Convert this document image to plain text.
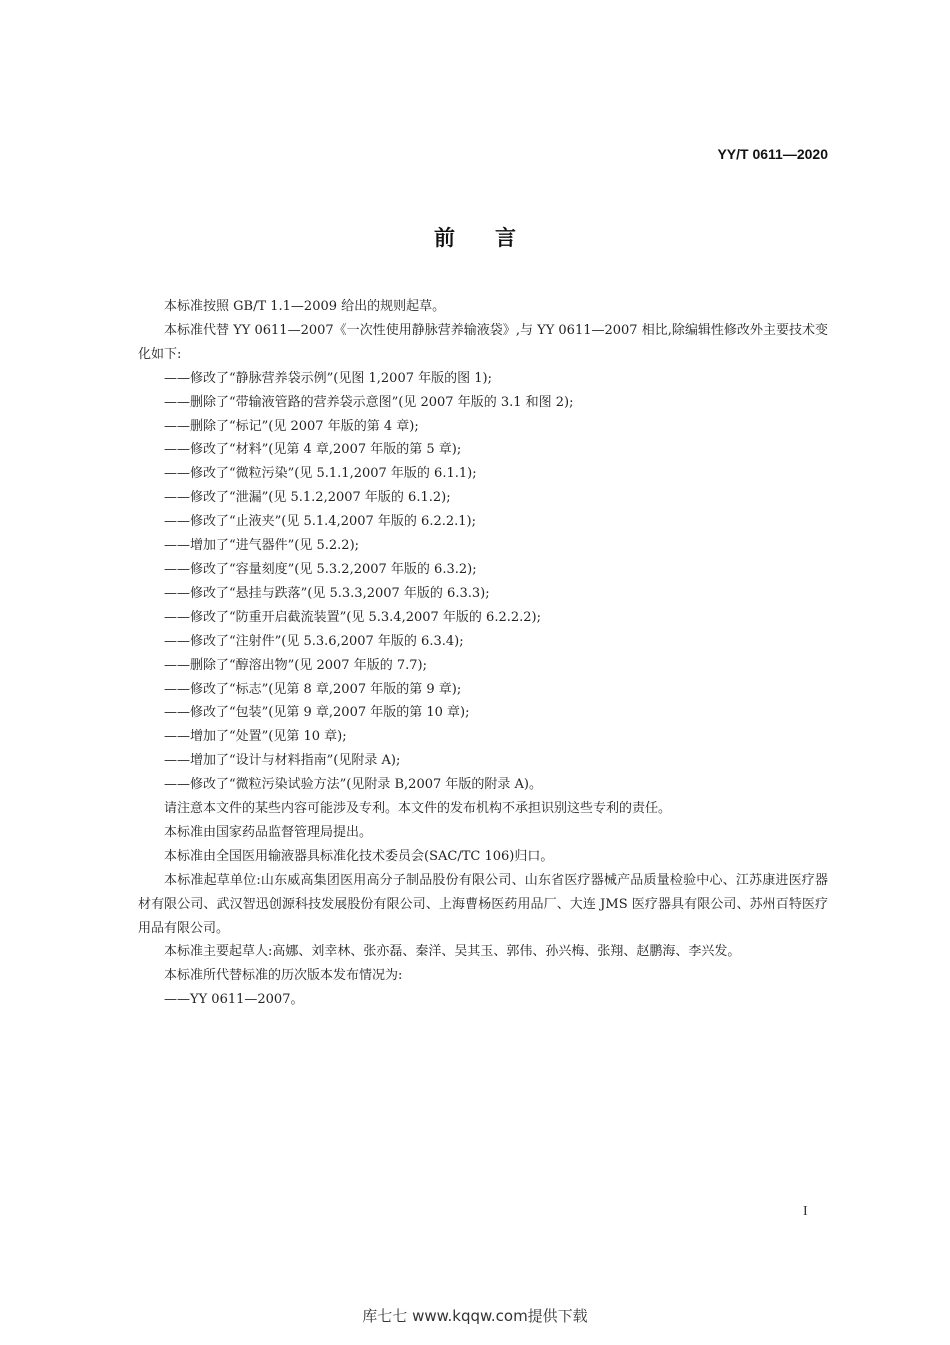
YY/T 0611—2020
前言

本标准按照 GB/T 1.1—2009 给出的规则起草。

本标准代替 YY 0611—2007《一次性使用静脉营养输液袋》,与 YY 0611—2007 相比,除编辑性修改外主要技术变化如下:

——修改了“静脉营养袋示例”(见图 1,2007 年版的图 1);

——删除了“带输液管路的营养袋示意图”(见 2007 年版的 3.1 和图 2);

——删除了“标记”(见 2007 年版的第 4 章);

——修改了“材料”(见第 4 章,2007 年版的第 5 章);

——修改了“微粒污染”(见 5.1.1,2007 年版的 6.1.1);

——修改了“泄漏”(见 5.1.2,2007 年版的 6.1.2);

——修改了“止液夹”(见 5.1.4,2007 年版的 6.2.2.1);

——增加了“进气器件”(见 5.2.2);

——修改了“容量刻度”(见 5.3.2,2007 年版的 6.3.2);

——修改了“悬挂与跌落”(见 5.3.3,2007 年版的 6.3.3);

——修改了“防重开启截流装置”(见 5.3.4,2007 年版的 6.2.2.2);

——修改了“注射件”(见 5.3.6,2007 年版的 6.3.4);

——删除了“醇溶出物”(见 2007 年版的 7.7);

——修改了“标志”(见第 8 章,2007 年版的第 9 章);

——修改了“包装”(见第 9 章,2007 年版的第 10 章);

——增加了“处置”(见第 10 章);

——增加了“设计与材料指南”(见附录 A);

——修改了“微粒污染试验方法”(见附录 B,2007 年版的附录 A)。

请注意本文件的某些内容可能涉及专利。本文件的发布机构不承担识别这些专利的责任。

本标准由国家药品监督管理局提出。

本标准由全国医用输液器具标准化技术委员会(SAC/TC 106)归口。

本标准起草单位:山东威高集团医用高分子制品股份有限公司、山东省医疗器械产品质量检验中心、江苏康进医疗器材有限公司、武汉智迅创源科技发展股份有限公司、上海曹杨医药用品厂、大连 JMS 医疗器具有限公司、苏州百特医疗用品有限公司。

本标准主要起草人:高娜、刘幸林、张亦磊、秦洋、吴其玉、郭伟、孙兴梅、张翔、赵鹏海、李兴发。

本标准所代替标准的历次版本发布情况为:

——YY 0611—2007。

I
库七七 www.kqqw.com提供下载
